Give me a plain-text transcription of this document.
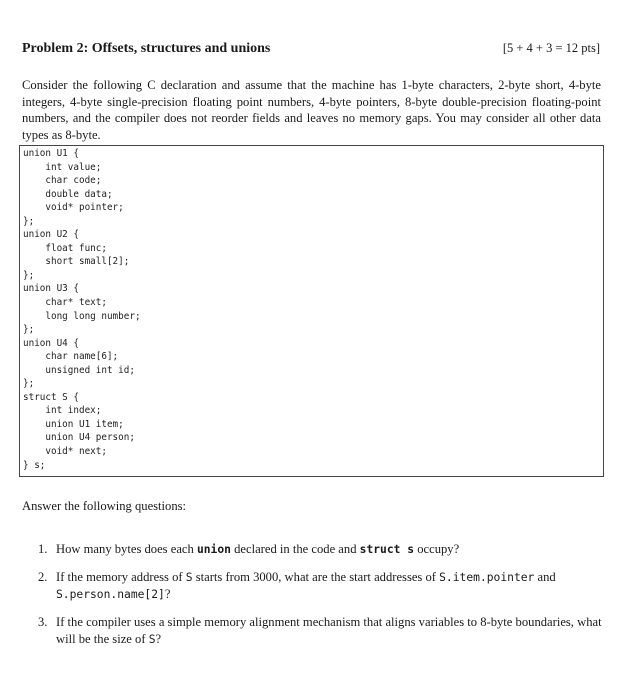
Problem 2: Offsets, structures and unions	[5 + 4 + 3 = 12 pts]
Consider the following C declaration and assume that the machine has 1-byte characters, 2-byte short, 4-byte integers, 4-byte single-precision floating point numbers, 4-byte pointers, 8-byte double-precision floating-point numbers, and the compiler does not reorder fields and leaves no memory gaps. You may consider all other data types as 8-byte.
union U1 {
int value;
char code;
double data;
void* pointer;
};
union U2 {
float func;
short small[2];
};
union U3 {
char* text;
long long number;
};
union U4 {
char name[6];
unsigned int id;
};
struct S {
int index;
union U1 item;
union U4 person;
void* next;
} s;
Answer the following questions:
1. How many bytes does each union declared in the code and struct s occupy?
2. If the memory address of S starts from 3000, what are the start addresses of S.item.pointer and S.person.name[2]?
3. If the compiler uses a simple memory alignment mechanism that aligns variables to 8-byte boundaries, what will be the size of S?
